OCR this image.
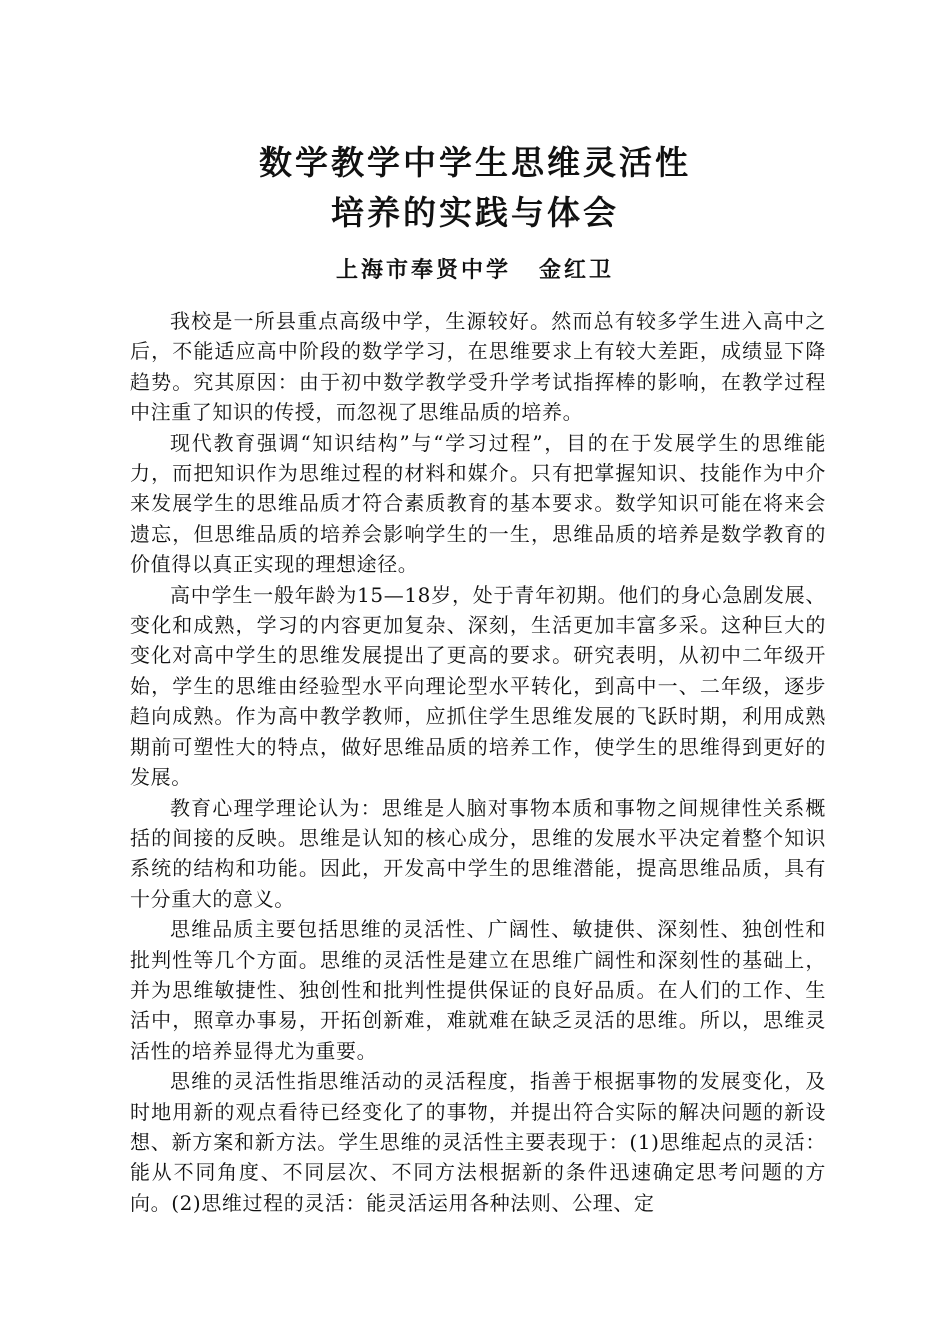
数学教学中学生思维灵活性
培养的实践与体会
上海市奉贤中学 金红卫

我校是一所县重点高级中学，生源较好。然而总有较多学生进入高中之后，不能适应高中阶段的数学学习，在思维要求上有较大差距，成绩显下降趋势。究其原因：由于初中数学教学受升学考试指挥棒的影响，在教学过程中注重了知识的传授，而忽视了思维品质的培养。

现代教育强调“知识结构”与“学习过程”，目的在于发展学生的思维能力，而把知识作为思维过程的材料和媒介。只有把掌握知识、技能作为中介来发展学生的思维品质才符合素质教育的基本要求。数学知识可能在将来会遗忘，但思维品质的培养会影响学生的一生，思维品质的培养是数学教育的价值得以真正实现的理想途径。

高中学生一般年龄为15—18岁，处于青年初期。他们的身心急剧发展、变化和成熟，学习的内容更加复杂、深刻，生活更加丰富多采。这种巨大的变化对高中学生的思维发展提出了更高的要求。研究表明，从初中二年级开始，学生的思维由经验型水平向理论型水平转化，到高中一、二年级，逐步趋向成熟。作为高中教学教师，应抓住学生思维发展的飞跃时期，利用成熟期前可塑性大的特点，做好思维品质的培养工作，使学生的思维得到更好的发展。

教育心理学理论认为：思维是人脑对事物本质和事物之间规律性关系概括的间接的反映。思维是认知的核心成分，思维的发展水平决定着整个知识系统的结构和功能。因此，开发高中学生的思维潜能，提高思维品质，具有十分重大的意义。

思维品质主要包括思维的灵活性、广阔性、敏捷供、深刻性、独创性和批判性等几个方面。思维的灵活性是建立在思维广阔性和深刻性的基础上，并为思维敏捷性、独创性和批判性提供保证的良好品质。在人们的工作、生活中，照章办事易，开拓创新难，难就难在缺乏灵活的思维。所以，思维灵活性的培养显得尤为重要。

思维的灵活性指思维活动的灵活程度，指善于根据事物的发展变化，及时地用新的观点看待已经变化了的事物，并提出符合实际的解决问题的新设想、新方案和新方法。学生思维的灵活性主要表现于：(1)思维起点的灵活：能从不同角度、不同层次、不同方法根据新的条件迅速确定思考问题的方向。(2)思维过程的灵活：能灵活运用各种法则、公理、定
